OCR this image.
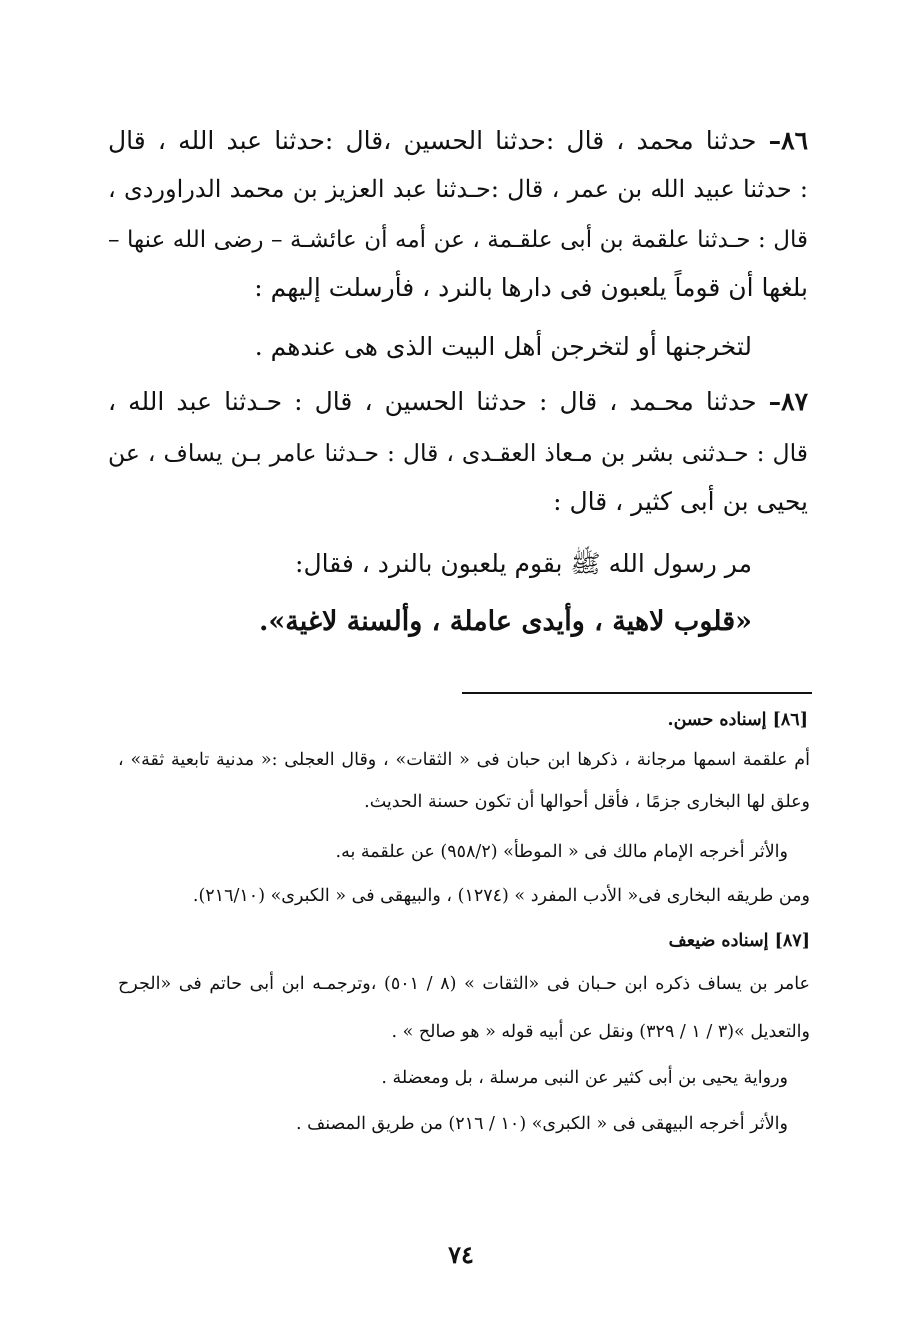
٨٦– حدثنا محمد ، قال :حدثنا الحسين ،قال :حدثنا عبد الله ، قال
: حدثنا عبيد الله بن عمر ، قال :حـدثنا عبد العزيز بن محمد الدراوردى ،
قال : حـدثنا علقمة بن أبى علقـمة ، عن أمه أن عائشـة – رضى الله عنها –
بلغها أن قوماً يلعبون فى دارها بالنرد ، فأرسلت إليهم :
لتخرجنها أو لتخرجن أهل البيت الذى هى عندهم .
٨٧– حدثنا محـمد ، قال : حدثنا الحسين ، قال : حـدثنا عبد الله ،
قال : حـدثنى بشر بن مـعاذ العقـدى ، قال : حـدثنا عامر بـن يساف ، عن
يحيى بن أبى كثير ، قال :
مر رسول الله ﷺ بقوم يلعبون بالنرد ، فقال:
«قلوب لاهية ، وأيدى عاملة ، وألسنة لاغية».
[٨٦] إسناده حسن.
أم علقمة اسمها مرجانة ، ذكرها ابن حبان فى « الثقات» ، وقال العجلى :« مدنية تابعية ثقة» ،
وعلق لها البخارى جزمًا ، فأقل أحوالها أن تكون حسنة الحديث.
والأثر أخرجه الإمام مالك فى « الموطأ» (٩٥٨/٢) عن علقمة به.
ومن طريقه البخارى فى« الأدب المفرد » (١٢٧٤) ، والبيهقى فى « الكبرى» (٢١٦/١٠).
[٨٧] إسناده ضيعف
عامر بن يساف ذكره ابن حـبان فى «الثقات » (٨ / ٥٠١) ،وترجمـه ابن أبى حاتم فى «الجرح
والتعديل »(٣ / ١ / ٣٢٩) ونقل عن أبيه قوله « هو صالح » .
ورواية يحيى بن أبى كثير عن النبى مرسلة ، بل ومعضلة .
والأثر أخرجه البيهقى فى « الكبرى» (١٠ / ٢١٦) من طريق المصنف .
٧٤
